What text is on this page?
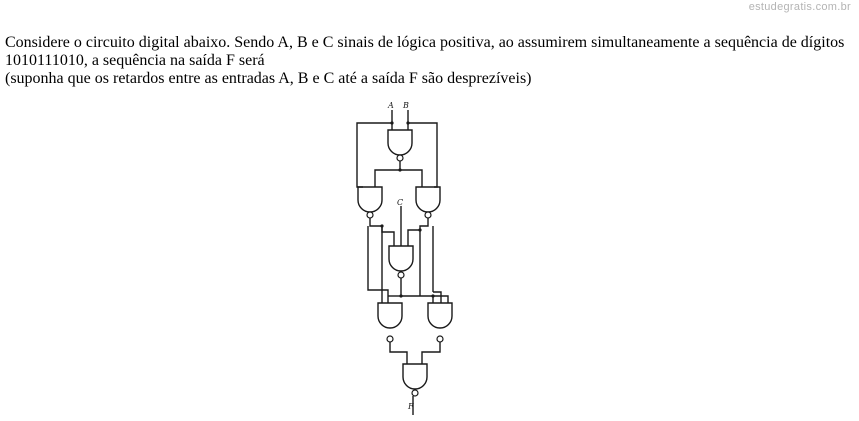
estudegratis.com.br

Considere o circuito digital abaixo. Sendo A, B e C sinais de lógica positiva, ao assumirem simultaneamente a sequência de dígitos 1010111010, a sequência na saída F será

(suponha que os retardos entre as entradas A, B e C até a saída F são desprezíveis)

A B
C
F
